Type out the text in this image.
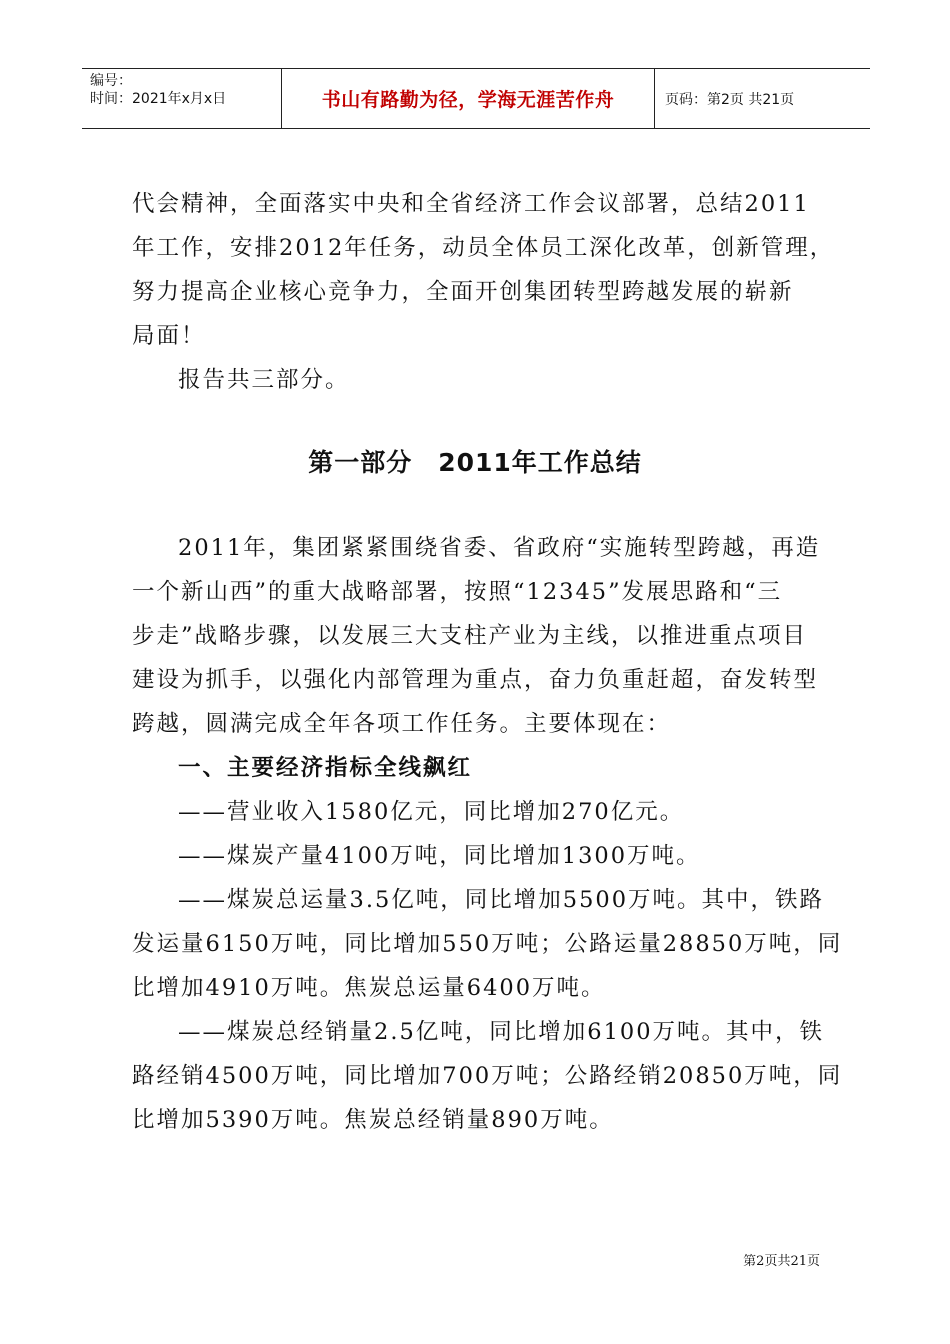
编号：
时间：2021年x月x日	书山有路勤为径，学海无涯苦作舟	页码：第2页 共21页
代会精神，全面落实中央和全省经济工作会议部署，总结2011
年工作，安排2012年任务，动员全体员工深化改革，创新管理，
努力提高企业核心竞争力，全面开创集团转型跨越发展的崭新
局面！
报告共三部分。
第一部分　2011年工作总结
2011年，集团紧紧围绕省委、省政府“实施转型跨越，再造
一个新山西”的重大战略部署，按照“12345”发展思路和“三
步走”战略步骤，以发展三大支柱产业为主线，以推进重点项目
建设为抓手，以强化内部管理为重点，奋力负重赶超，奋发转型
跨越，圆满完成全年各项工作任务。主要体现在：
一、主要经济指标全线飙红
——营业收入1580亿元，同比增加270亿元。
——煤炭产量4100万吨，同比增加1300万吨。
——煤炭总运量3.5亿吨，同比增加5500万吨。其中，铁路
发运量6150万吨，同比增加550万吨；公路运量28850万吨，同
比增加4910万吨。焦炭总运量6400万吨。
——煤炭总经销量2.5亿吨，同比增加6100万吨。其中，铁
路经销4500万吨，同比增加700万吨；公路经销20850万吨，同
比增加5390万吨。焦炭总经销量890万吨。
第2页共21页
